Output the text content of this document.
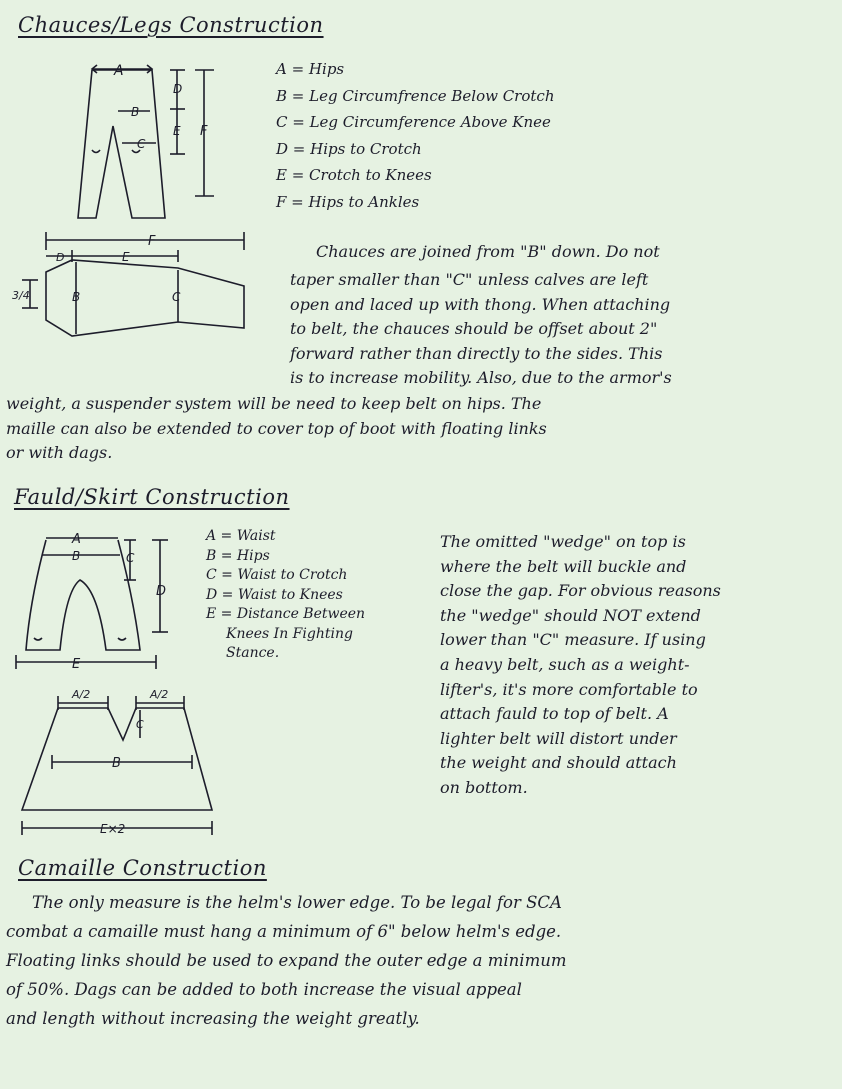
Chauces/Legs Construction
A
B
C
D
E F
A = Hips
B = Leg Circumfrence Below Crotch
C = Leg Circumference Above Knee
D = Hips to Crotch
E = Crotch to Knees
F = Hips to Ankles
F
D	E
3/4	B	C
Chauces are joined from "B" down. Do not
taper smaller than "C" unless calves are left
open and laced up with thong. When attaching
to belt, the chauces should be offset about 2"
forward rather than directly to the sides. This
is to increase mobility. Also, due to the armor's
weight, a suspender system will be need to keep belt on hips. The
maille can also be extended to cover top of boot with floating links
or with dags.
Fauld/Skirt Construction
A
B	C
D
E
A = Waist
B = Hips
C = Waist to Crotch
D = Waist to Knees
E = Distance Between
Knees In Fighting
Stance.
A/2	A/2
C
B
E×2
The omitted "wedge" on top is
where the belt will buckle and
close the gap. For obvious reasons
the "wedge" should NOT extend
lower than "C" measure. If using
a heavy belt, such as a weight-
lifter's, it's more comfortable to
attach fauld to top of belt. A
lighter belt will distort under
the weight and should attach
on bottom.
Camaille Construction
The only measure is the helm's lower edge. To be legal for SCA
combat a camaille must hang a minimum of 6" below helm's edge.
Floating links should be used to expand the outer edge a minimum
of 50%. Dags can be added to both increase the visual appeal
and length without increasing the weight greatly.
